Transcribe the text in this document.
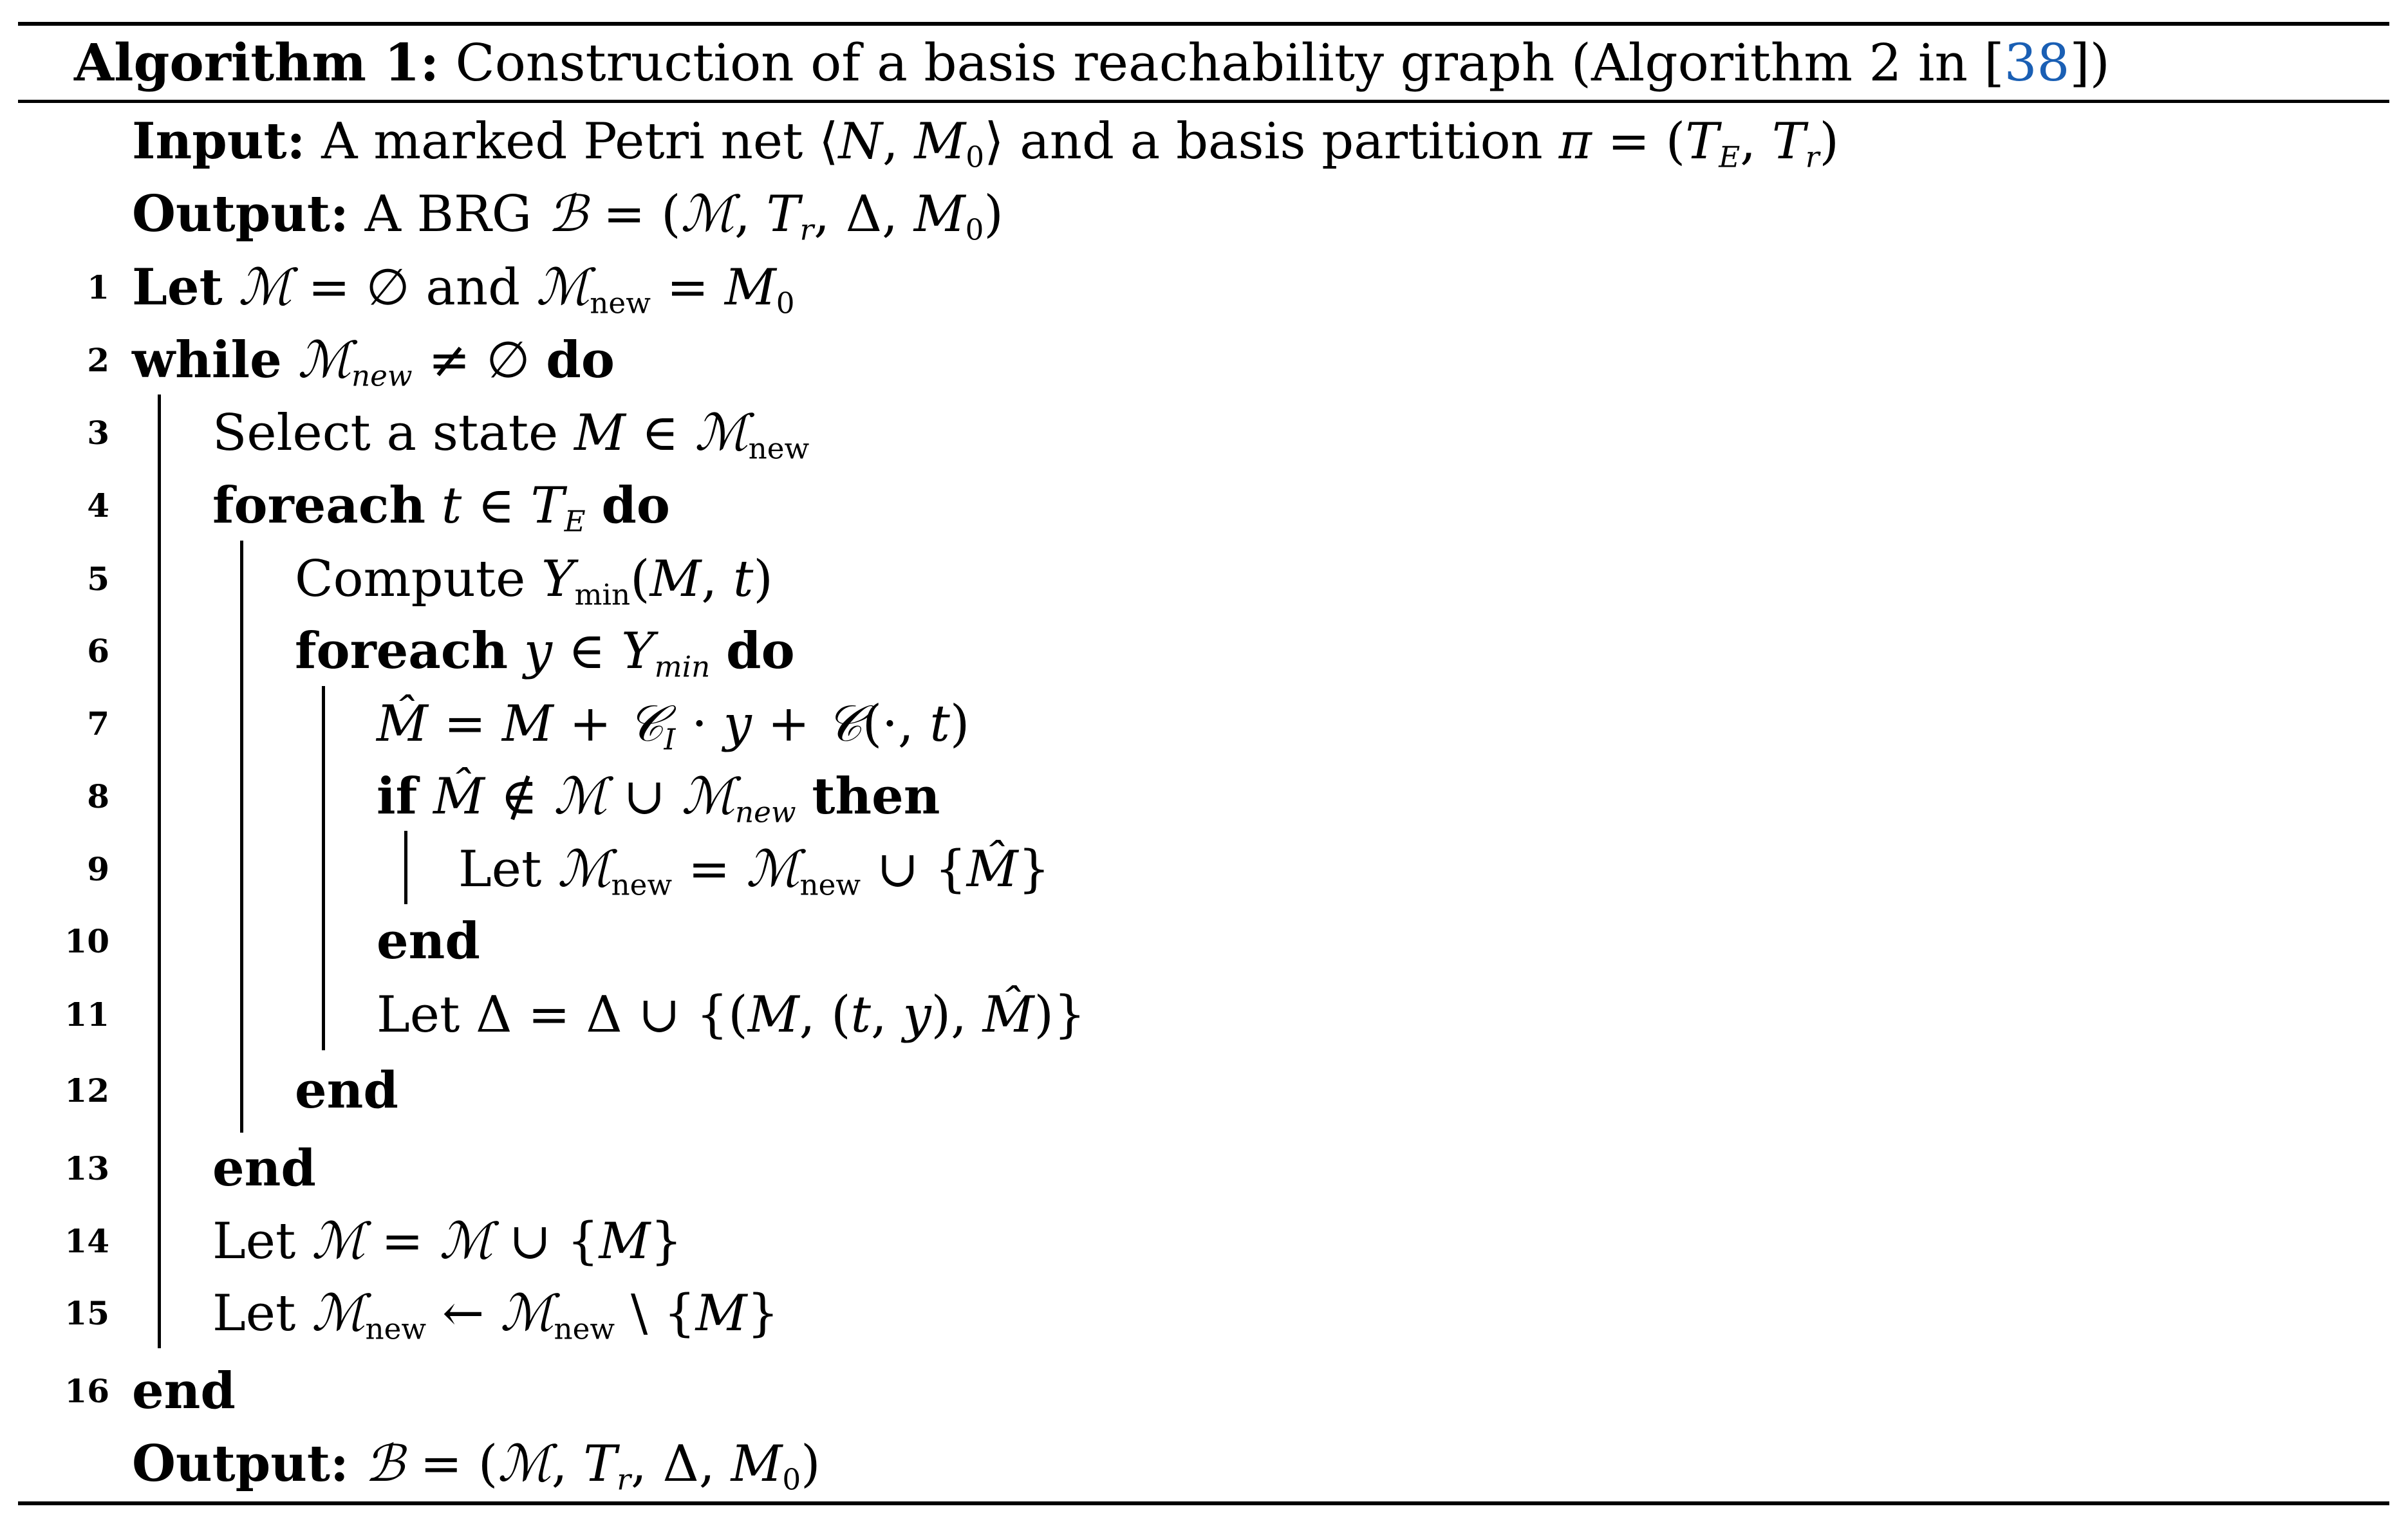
Algorithm 1: Construction of a basis reachability graph (Algorithm 2 in [38])
Input: A marked Petri net ⟨N, $M_0⟩$ and a basis partition π = (TE, Tr)
Output: A BRG ℬ = (ℳ, Tr, Δ, $M_0$)
1 Let ℳ = ∅ and ℳ$_{new}$ = $M_0$
2 while ℳnew ≠ ∅ do
3 Select a state M ∈ ℳ$_{new}$
4 foreach t ∈ TE do
5	Compute $Y_{min}(M$, t)
6	foreach y ∈ Ymin do
7	M̂ = M + 𝒞I · y + 𝒞(·, t)
8	if M̂ ∉ ℳ ∪ ℳnew then
9	Let ℳ$_{new}$ = ℳ$_{new}$ ∪ {M̂}
10	end
11	Let Δ = Δ ∪ {(M, (t, y), M̂)}
12	end
13 end
14 Let ℳ = ℳ ∪ {M}
15 Let ℳ$_{new}$ ← ℳ$_{new}$ \ {M}
16 end
Output: ℬ = (ℳ, Tr, Δ, $M_0$)
